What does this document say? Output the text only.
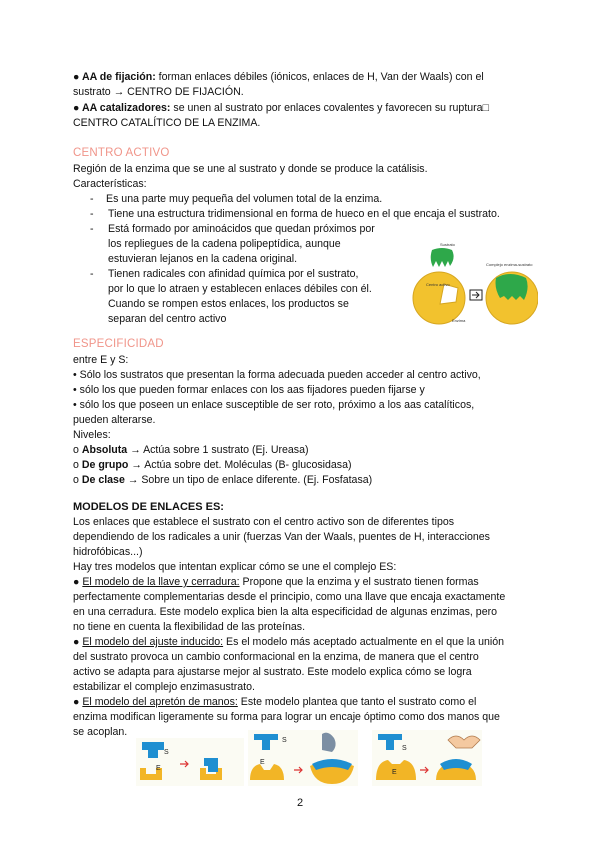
● AA de fijación: forman enlaces débiles (iónicos, enlaces de H, Van der Waals) con el
sustrato → CENTRO DE FIJACIÓN.
● AA catalizadores: se unen al sustrato por enlaces covalentes y favorecen su ruptura□
CENTRO CATALÍTICO DE LA ENZIMA.
CENTRO ACTIVO
Región de la enzima que se une al sustrato y donde se produce la catálisis.
Características:
-	Es una parte muy pequeña del volumen total de la enzima.
-	Tiene una estructura tridimensional en forma de hueco en el que encaja el sustrato.
-	Está formado por aminoácidos que quedan próximos por
los repliegues de la cadena polipeptídica, aunque
estuvieran lejanos en la cadena original.
-	Tienen radicales con afinidad química por el sustrato,
por lo que lo atraen y establecen enlaces débiles con él.
Cuando se rompen estos enlaces, los productos se
separan del centro activo
Sustrato
Centro activo
Enzima
Complejo enzima-sustrato
ESPECIFICIDAD
entre E y S:
• Sólo los sustratos que presentan la forma adecuada pueden acceder al centro activo,
• sólo los que pueden formar enlaces con los aas fijadores pueden fijarse y
• sólo los que poseen un enlace susceptible de ser roto, próximo a los aas catalíticos,
pueden alterarse.
Niveles:
o Absoluta → Actúa sobre 1 sustrato (Ej. Ureasa)
o De grupo → Actúa sobre det. Moléculas (B- glucosidasa)
o De clase → Sobre un tipo de enlace diferente. (Ej. Fosfatasa)
MODELOS DE ENLACES ES:
Los enlaces que establece el sustrato con el centro activo son de diferentes tipos
dependiendo de los radicales a unir (fuerzas Van der Waals, puentes de H, interacciones
hidrofóbicas...)
Hay tres modelos que intentan explicar cómo se une el complejo ES:
● El modelo de la llave y cerradura: Propone que la enzima y el sustrato tienen formas
perfectamente complementarias desde el principio, como una llave que encaja exactamente
en una cerradura. Este modelo explica bien la alta especificidad de algunas enzimas, pero
no tiene en cuenta la flexibilidad de las proteínas.
● El modelo del ajuste inducido: Es el modelo más aceptado actualmente en el que la unión
del sustrato provoca un cambio conformacional en la enzima, de manera que el centro
activo se adapta para ajustarse mejor al sustrato. Este modelo explica cómo se logra
estabilizar el complejo enzimasustrato.
● El modelo del apretón de manos: Este modelo plantea que tanto el sustrato como el
enzima modifican ligeramente su forma para lograr un encaje óptimo como dos manos que
se acoplan.
S
E
S
E
S
E
2
